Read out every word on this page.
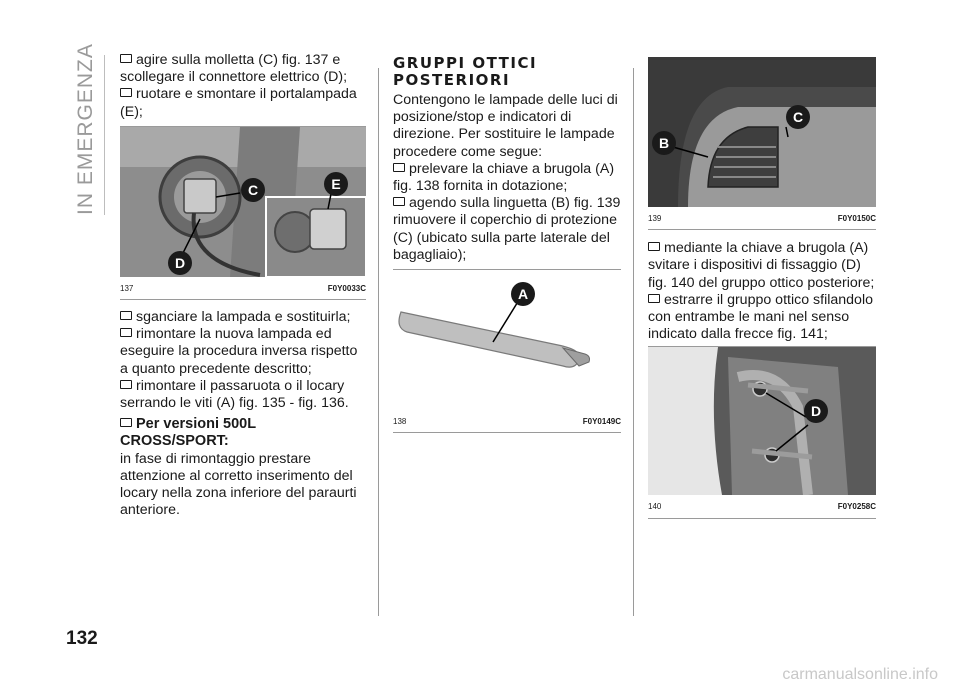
IN EMERGENZA	agire sulla molletta (C) fig. 137 e scollegare il connettore elettrico (D);

ruotare e smontare il portalampada (E);

C	E
D
137	F0Y0033C

sganciare la lampada e sostituirla;

rimontare la nuova lampada ed eseguire la procedura inversa rispetto a quanto precedente descritto;

rimontare il passaruota o il locary serrando le viti (A) fig. 135 - fig. 136.

Per versioni 500L CROSS/SPORT:

in fase di rimontaggio prestare attenzione al corretto inserimento del locary nella zona inferiore del paraurti anteriore.

GRUPPI OTTICI
POSTERIORI

Contengono le lampade delle luci di posizione/stop e indicatori di direzione. Per sostituire le lampade procedere come segue:

prelevare la chiave a brugola (A) fig. 138 fornita in dotazione;

agendo sulla linguetta (B) fig. 139 rimuovere il coperchio di protezione (C) (ubicato sulla parte laterale del bagagliaio);

A
138	F0Y0149C
C
B
139	F0Y0150C

mediante la chiave a brugola (A) svitare i dispositivi di fissaggio (D) fig. 140 del gruppo ottico posteriore;

estrarre il gruppo ottico sfilandolo con entrambe le mani nel senso indicato dalla frecce fig. 141;

D
140	F0Y0258C
132
carmanualsonline.info
